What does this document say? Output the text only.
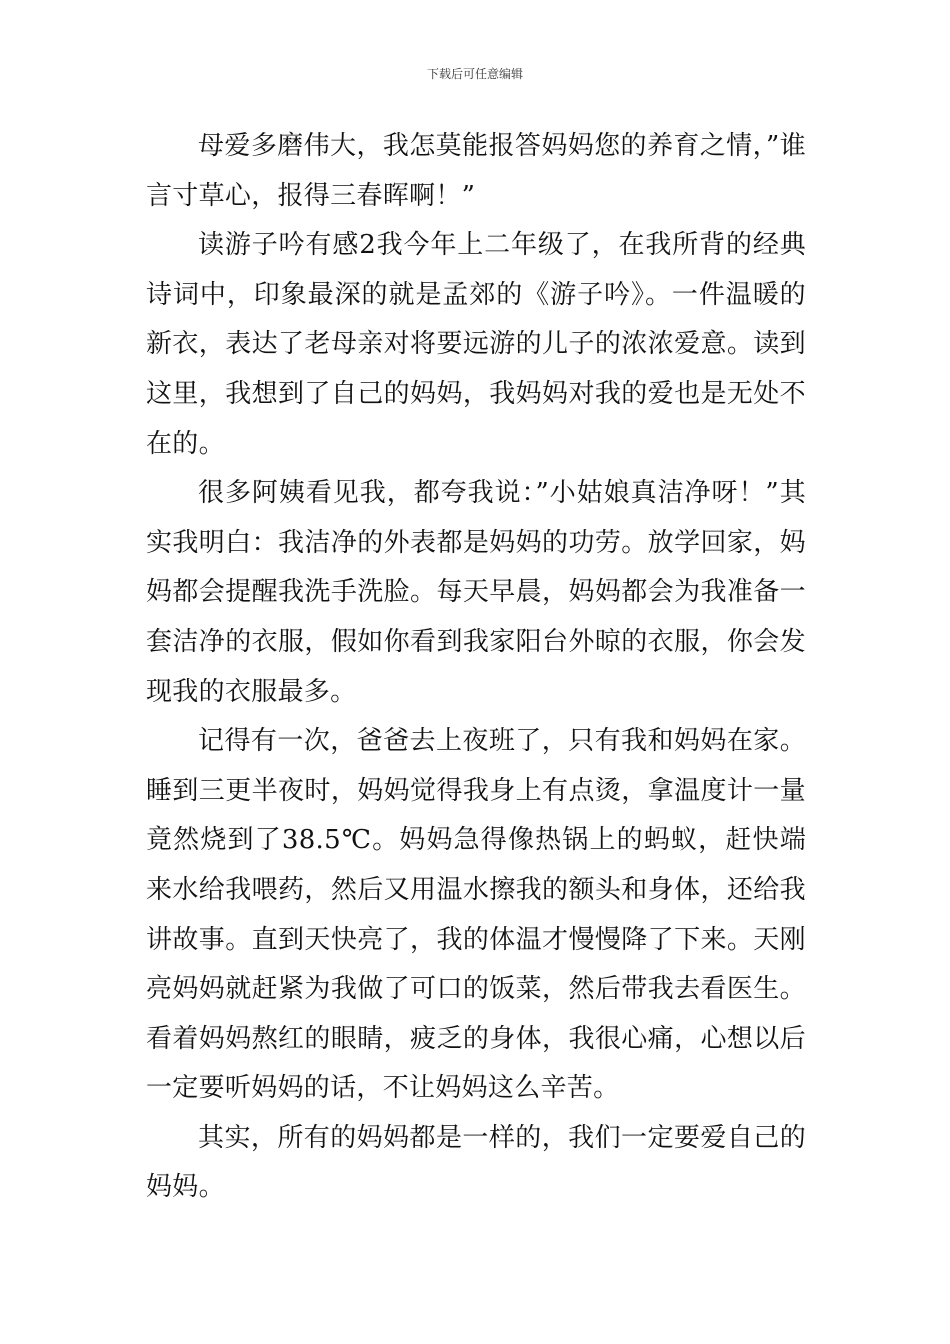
下载后可任意编辑

母爱多磨伟大，我怎莫能报答妈妈您的养育之情，”谁言寸草心，报得三春晖啊！”

读游子吟有感2我今年上二年级了，在我所背的经典诗词中，印象最深的就是孟郊的《游子吟》。一件温暖的新衣，表达了老母亲对将要远游的儿子的浓浓爱意。读到这里，我想到了自己的妈妈，我妈妈对我的爱也是无处不在的。

很多阿姨看见我，都夸我说：”小姑娘真洁净呀！”其实我明白：我洁净的外表都是妈妈的功劳。放学回家，妈妈都会提醒我洗手洗脸。每天早晨，妈妈都会为我准备一套洁净的衣服，假如你看到我家阳台外晾的衣服，你会发现我的衣服最多。

记得有一次，爸爸去上夜班了，只有我和妈妈在家。睡到三更半夜时，妈妈觉得我身上有点烫，拿温度计一量竟然烧到了38.5℃。妈妈急得像热锅上的蚂蚁，赶快端来水给我喂药，然后又用温水擦我的额头和身体，还给我讲故事。直到天快亮了，我的体温才慢慢降了下来。天刚亮妈妈就赶紧为我做了可口的饭菜，然后带我去看医生。看着妈妈熬红的眼睛，疲乏的身体，我很心痛，心想以后一定要听妈妈的话，不让妈妈这么辛苦。

其实，所有的妈妈都是一样的，我们一定要爱自己的妈妈。
